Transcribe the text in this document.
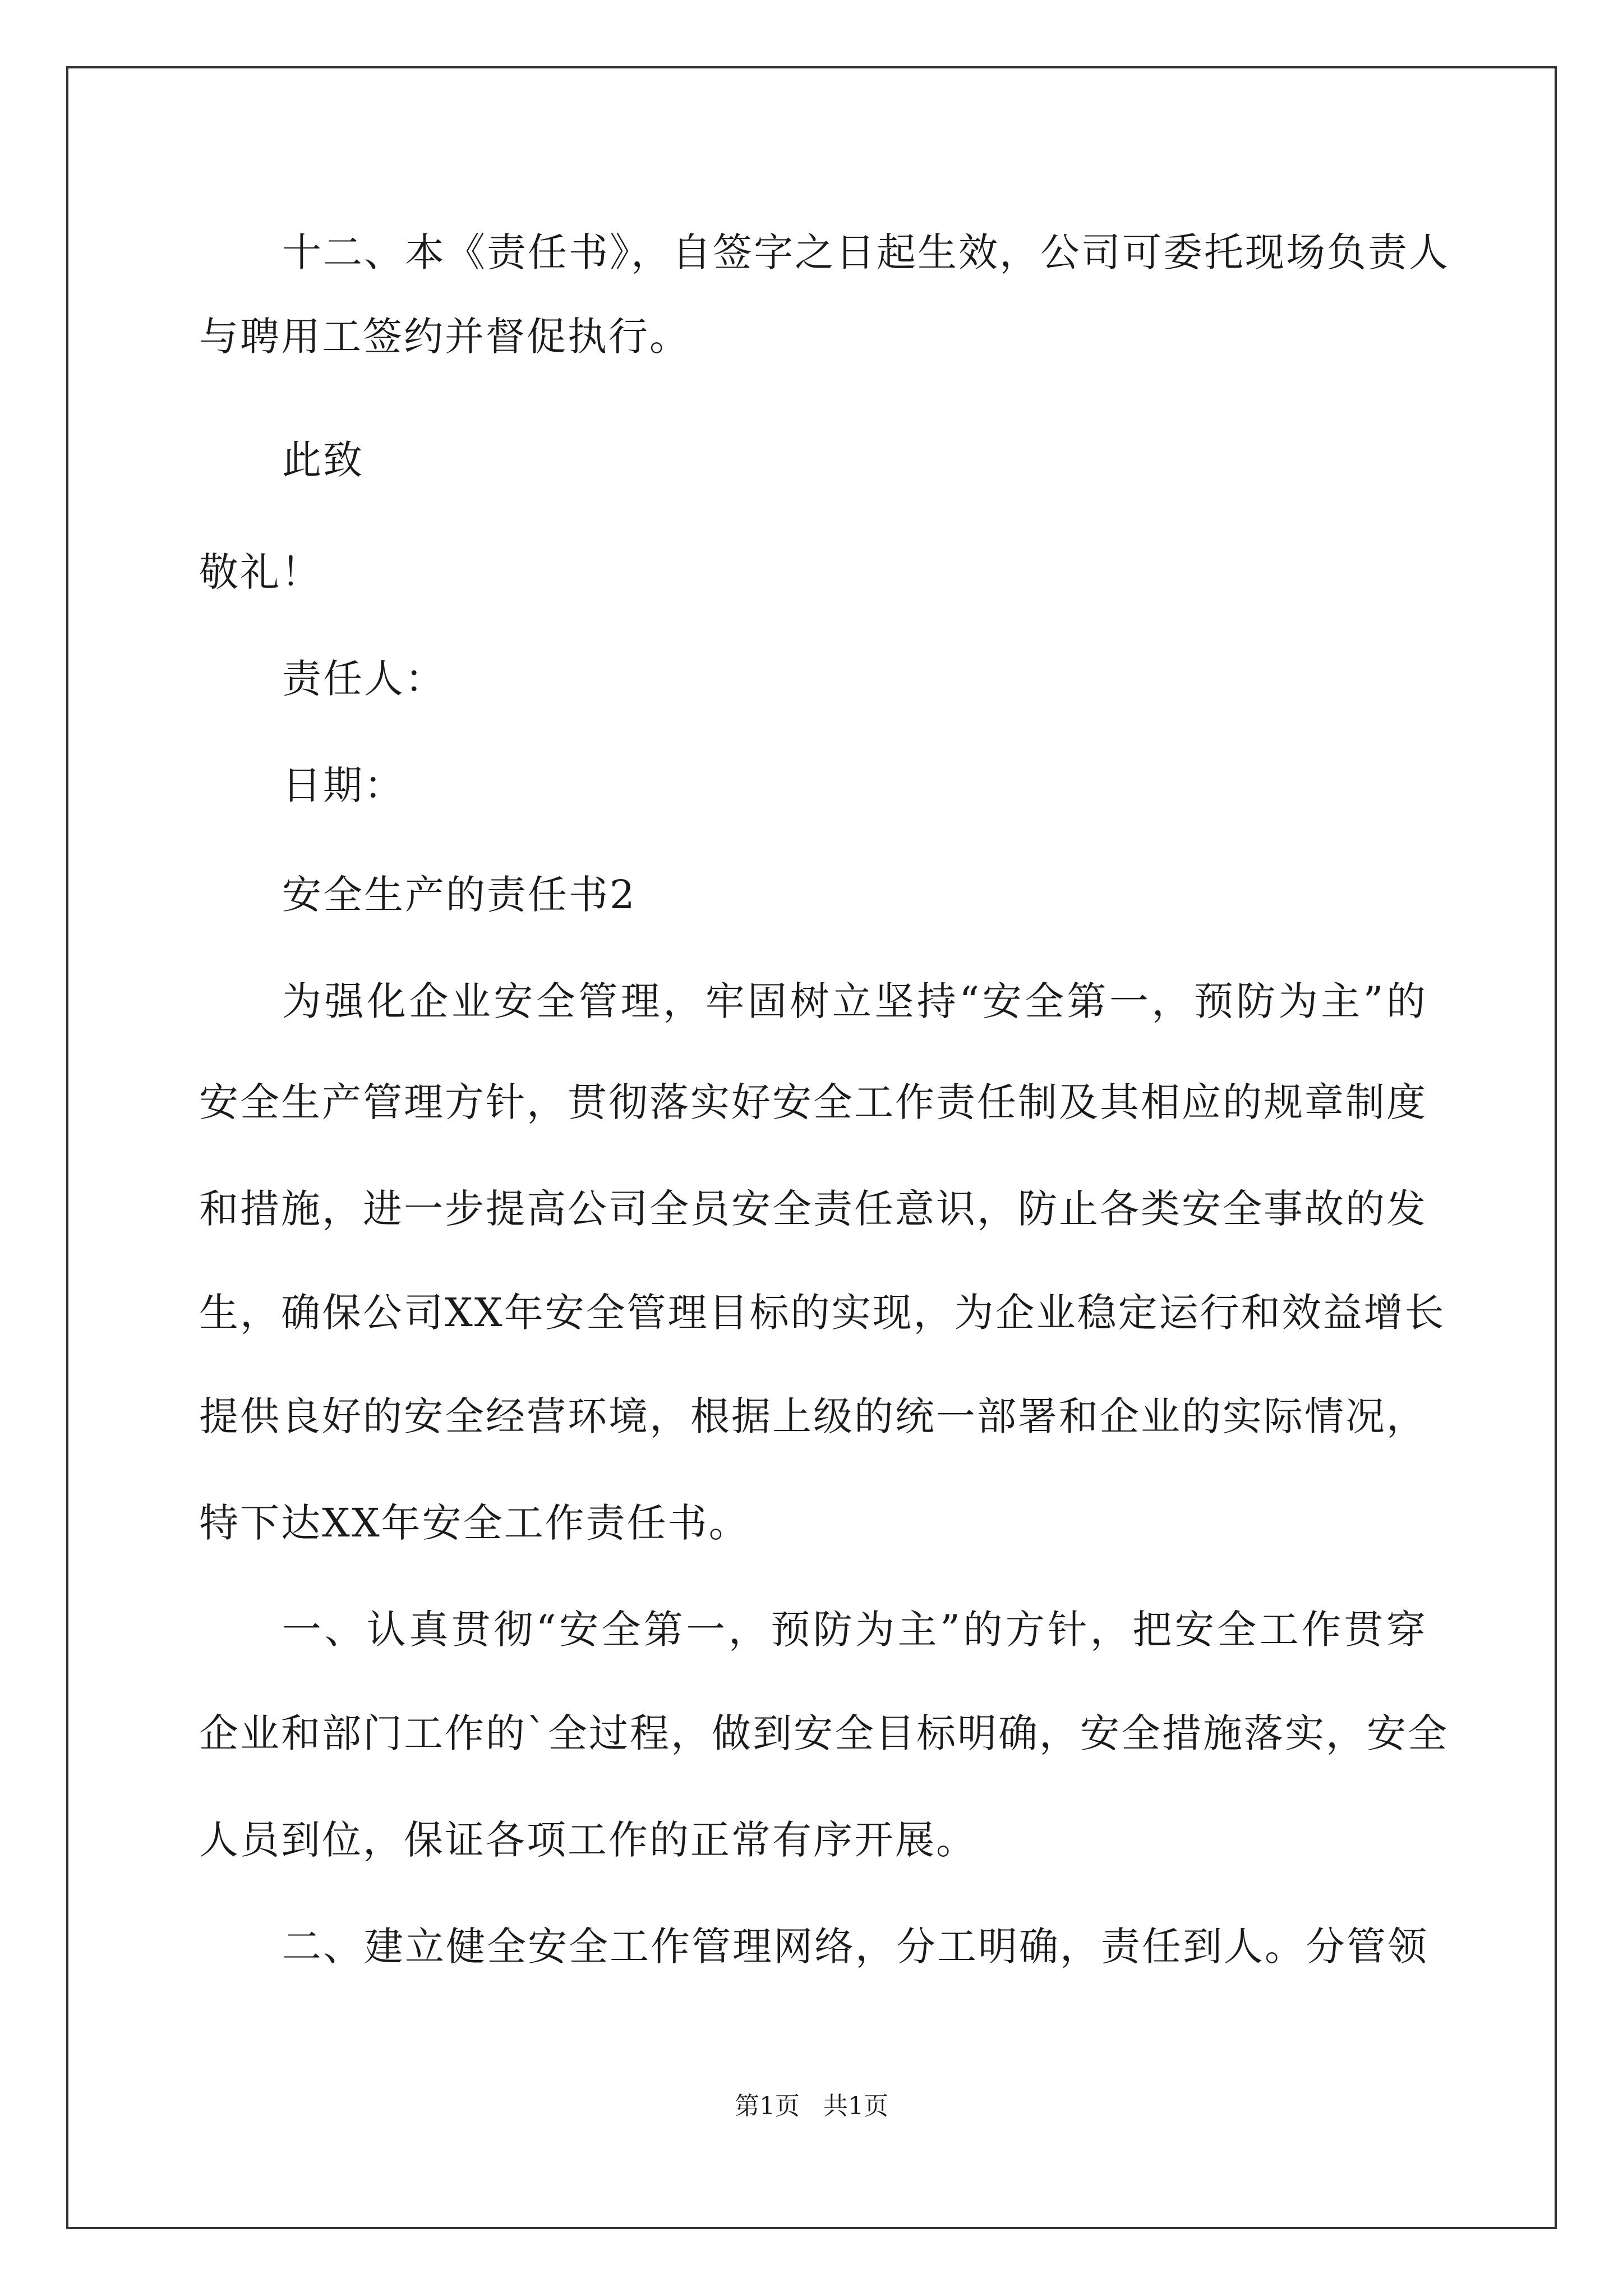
十二、本《责任书》，自签字之日起生效，公司可委托现场负责人
与聘用工签约并督促执行。
此致
敬礼！
责任人：
日期：
安全生产的责任书2
为强化企业安全管理，牢固树立坚持“安全第一，预防为主”的
安全生产管理方针，贯彻落实好安全工作责任制及其相应的规章制度
和措施，进一步提高公司全员安全责任意识，防止各类安全事故的发
生，确保公司XX年安全管理目标的实现，为企业稳定运行和效益增长
提供良好的安全经营环境，根据上级的统一部署和企业的实际情况，
特下达XX年安全工作责任书。
一、认真贯彻“安全第一，预防为主”的方针，把安全工作贯穿
企业和部门工作的`全过程，做到安全目标明确，安全措施落实，安全
人员到位，保证各项工作的正常有序开展。
二、建立健全安全工作管理网络，分工明确，责任到人。分管领
第1页   共1页
